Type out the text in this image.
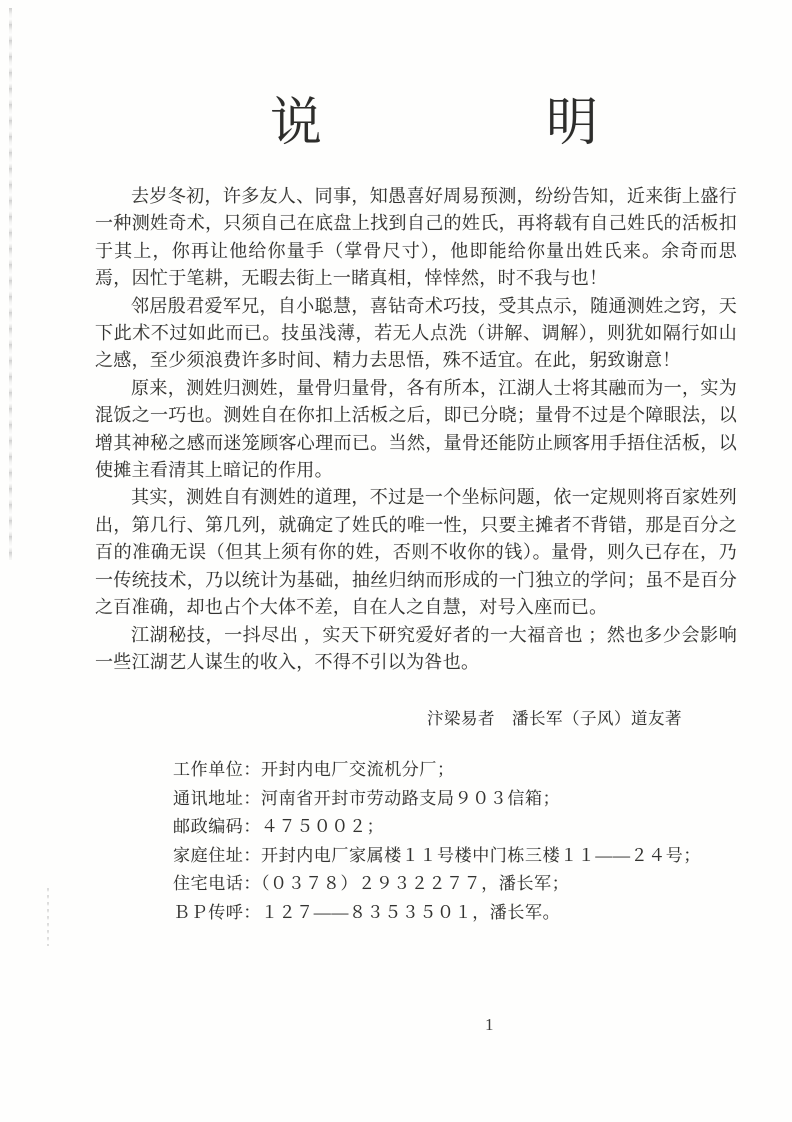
说	明

去岁冬初，许多友人、同事，知愚喜好周易预测，纷纷告知，近来街上盛行一种测姓奇术，只须自己在底盘上找到自己的姓氏，再将载有自己姓氏的活板扣于其上，你再让他给你量手（掌骨尺寸），他即能给你量出姓氏来。余奇而思焉，因忙于笔耕，无暇去街上一睹真相，悻悻然，时不我与也！

邻居殷君爱军兄，自小聪慧，喜钻奇术巧技，受其点示，随通测姓之窍，天下此术不过如此而已。技虽浅薄，若无人点洗（讲解、调解），则犹如隔行如山之感，至少须浪费许多时间、精力去思悟，殊不适宜。在此，躬致谢意！

原来，测姓归测姓，量骨归量骨，各有所本，江湖人士将其融而为一，实为混饭之一巧也。测姓自在你扣上活板之后，即已分晓；量骨不过是个障眼法，以增其神秘之感而迷笼顾客心理而已。当然，量骨还能防止顾客用手捂住活板，以使摊主看清其上暗记的作用。

其实，测姓自有测姓的道理，不过是一个坐标问题，依一定规则将百家姓列出，第几行、第几列，就确定了姓氏的唯一性，只要主摊者不背错，那是百分之百的准确无误（但其上须有你的姓，否则不收你的钱）。量骨，则久已存在，乃一传统技术，乃以统计为基础，抽丝归纳而形成的一门独立的学问；虽不是百分之百准确，却也占个大体不差，自在人之自慧，对号入座而已。

江湖秘技，一抖尽出 ，实天下研究爱好者的一大福音也 ；然也多少会影响一些江湖艺人谋生的收入，不得不引以为咎也。

汴梁易者　潘长军（子风）道友著
工作单位：开封内电厂交流机分厂；
通讯地址：河南省开封市劳动路支局９０３信箱；
邮政编码：４７５００２；
家庭住址：开封内电厂家属楼１１号楼中门栋三楼１１——２４号；
住宅电话：（０３７８）２９３２２７７，潘长军；
ＢＰ传呼：１２７——８３５３５０１，潘长军。
1
